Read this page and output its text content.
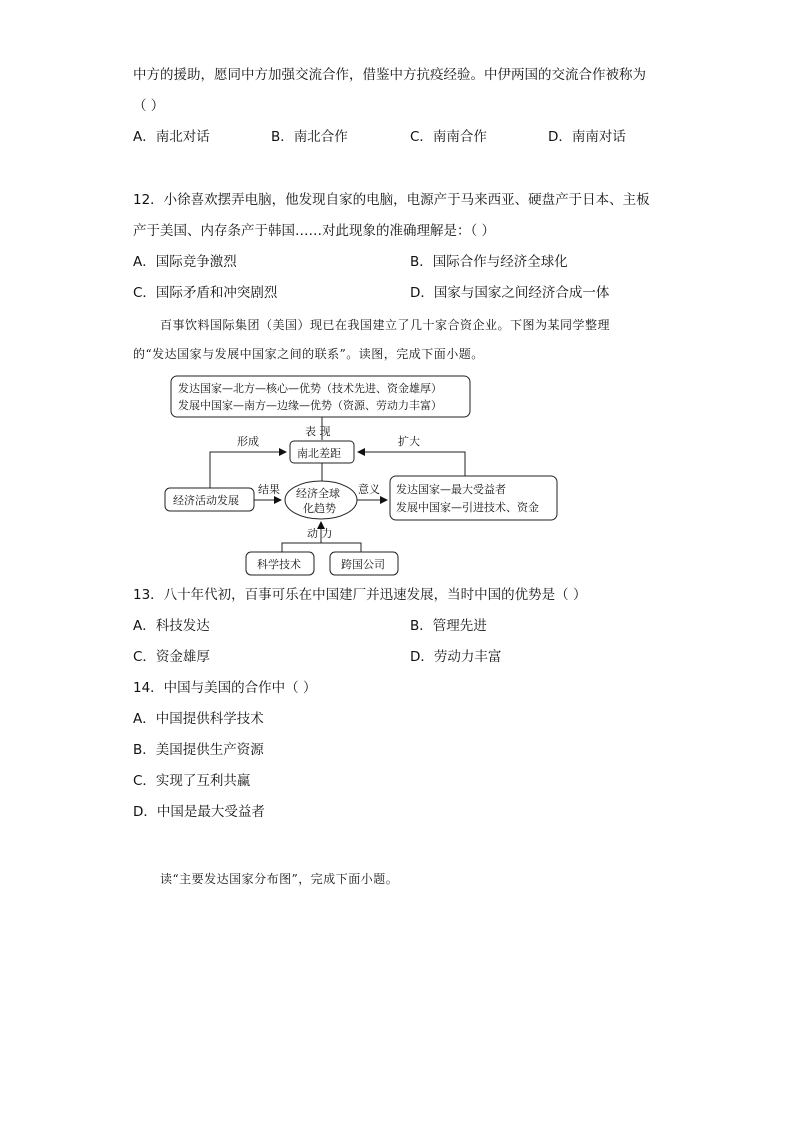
中方的援助，愿同中方加强交流合作，借鉴中方抗疫经验。中伊两国的交流合作被称为
（ ）
A．南北对话	B．南北合作	C．南南合作	D．南南对话
12．小徐喜欢摆弄电脑，他发现自家的电脑，电源产于马来西亚、硬盘产于日本、主板
产于美国、内存条产于韩国……对此现象的准确理解是：（ ）
A．国际竞争激烈	B．国际合作与经济全球化
C．国际矛盾和冲突剧烈	D．国家与国家之间经济合成一体
百事饮料国际集团（美国）现已在我国建立了几十家合资企业。下图为某同学整理
的“发达国家与发展中国家之间的联系”。读图，完成下面小题。
发达国家—北方—核心—优势（技术先进、资金雄厚）
发展中国家—南方—边缘—优势（资源、劳动力丰富）
表 现
南北差距
形成
经济活动发展
结果 经济全球
化趋势
意义 发达国家—最大受益者
发展中国家—引进技术、资金
扩大
动 力
科学技术	跨国公司
13．八十年代初，百事可乐在中国建厂并迅速发展，当时中国的优势是（ ）
A．科技发达	B．管理先进
C．资金雄厚	D．劳动力丰富
14．中国与美国的合作中（ ）
A．中国提供科学技术
B．美国提供生产资源
C．实现了互利共赢
D．中国是最大受益者
读“主要发达国家分布图”，完成下面小题。
